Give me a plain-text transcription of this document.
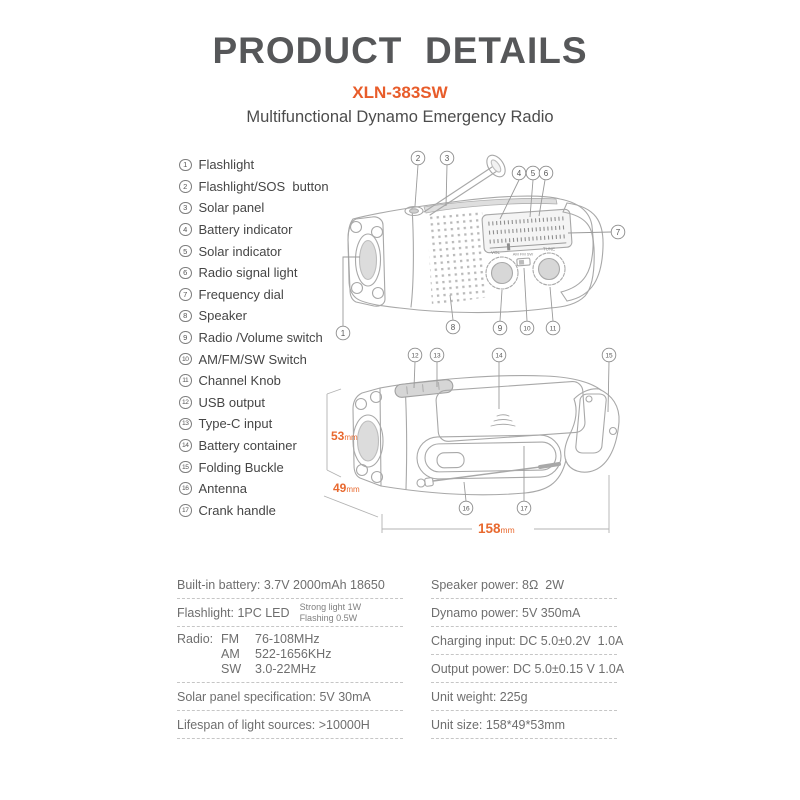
PRODUCT  DETAILS
XLN-383SW
Multifunctional Dynamo Emergency Radio
1 Flashlight
2 Flashlight/SOS  button
3 Solar panel
4 Battery indicator
5 Solar indicator
6 Radio signal light
7 Frequency dial
8 Speaker
9 Radio /Volume switch
10 AM/FM/SW Switch
11 Channel Knob
12 USB output
13 Type-C input
14 Battery container
15 Folding Buckle
16 Antenna
17 Crank handle
VOL	AM FM SW
TUNE
1
2	3
4 5 6
7
8	9	10	11
12 13	14	15
16	17
53mm
49mm
158mm
Built-in battery: 3.7V 2000mAh 18650
Flashlight: 1PC LED Strong light 1W
Flashing 0.5W
Radio: FM	76-108MHz
AM	522-1656KHz
SW	3.0-22MHz
Solar panel specification: 5V 30mA
Lifespan of light sources: >10000H
Speaker power: 8Ω  2W
Dynamo power: 5V 350mA
Charging input: DC 5.0±0.2V  1.0A
Output power: DC 5.0±0.15 V 1.0A
Unit weight: 225g
Unit size: 158*49*53mm
